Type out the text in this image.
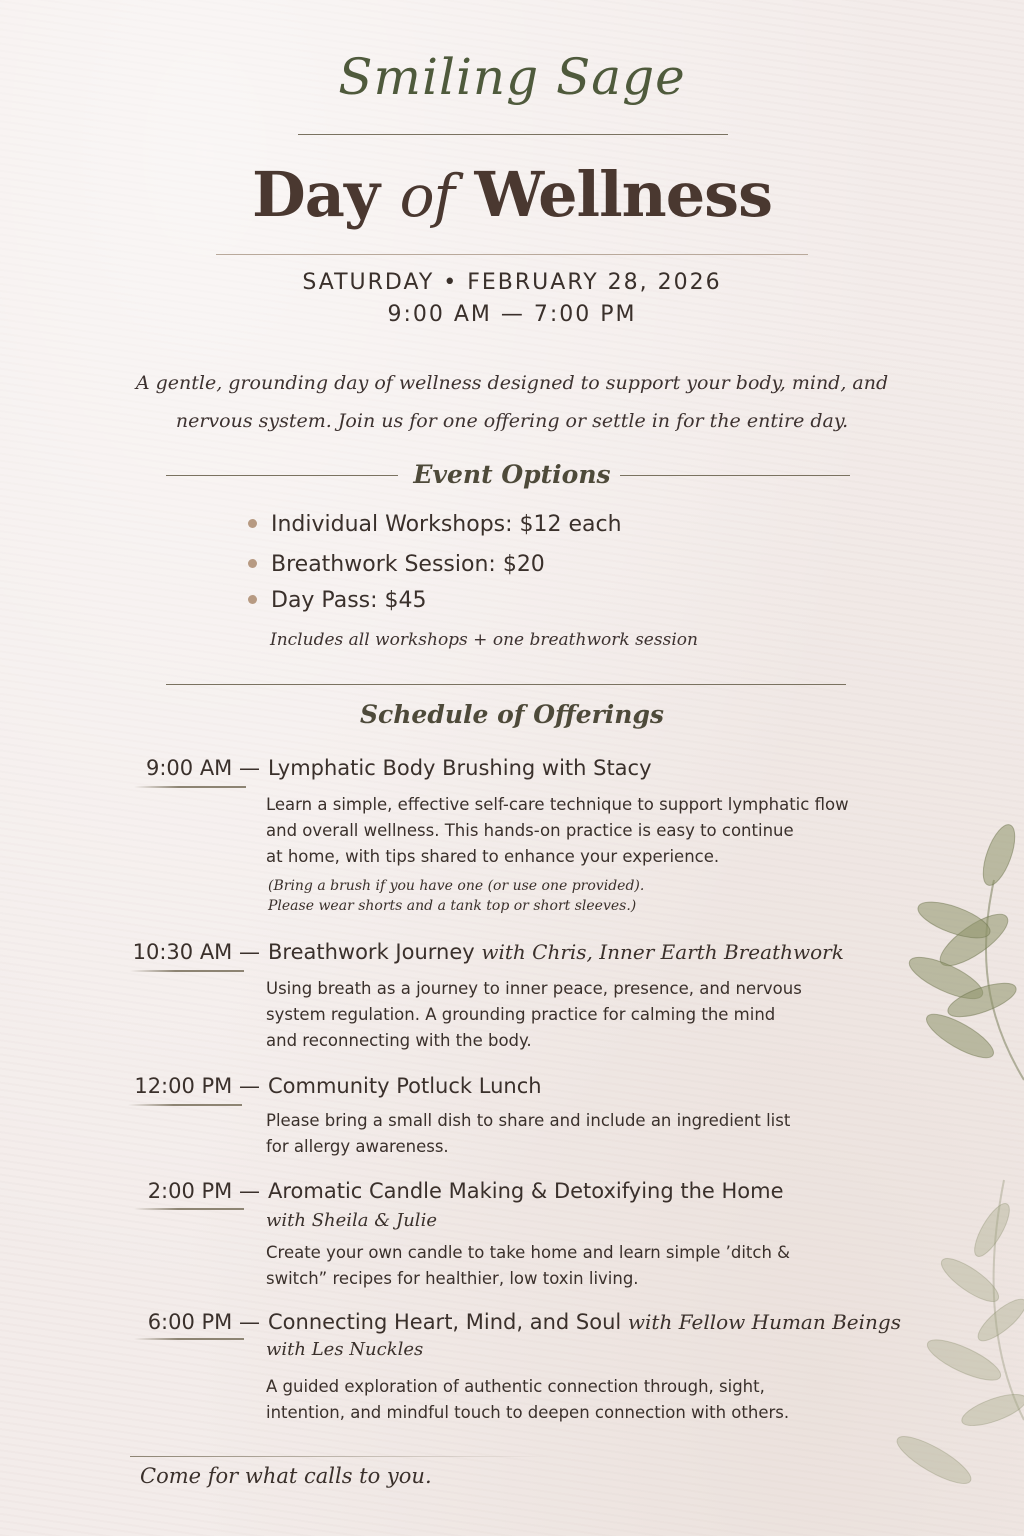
Smiling Sage
Day of Wellness
SATURDAY • FEBRUARY 28, 2026
9:00 AM — 7:00 PM
A gentle, grounding day of wellness designed to support your body, mind, and nervous system. Join us for one offering or settle in for the entire day.
Event Options
Individual Workshops: $12 each
Breathwork Session: $20
Day Pass: $45
Includes all workshops + one breathwork session
Schedule of Offerings
9:00 AM — Lymphatic Body Brushing with Stacy
Learn a simple, effective self-care technique to support lymphatic flow
and overall wellness. This hands-on practice is easy to continue
at home, with tips shared to enhance your experience.
(Bring a brush if you have one (or use one provided).
Please wear shorts and a tank top or short sleeves.)
10:30 AM — Breathwork Journey with Chris, Inner Earth Breathwork
Using breath as a journey to inner peace, presence, and nervous
system regulation. A grounding practice for calming the mind
and reconnecting with the body.
12:00 PM — Community Potluck Lunch
Please bring a small dish to share and include an ingredient list
for allergy awareness.
2:00 PM — Aromatic Candle Making & Detoxifying the Home
with Sheila & Julie
Create your own candle to take home and learn simple ’ditch &
switch” recipes for healthier, low toxin living.
6:00 PM — Connecting Heart, Mind, and Soul with Fellow Human Beings
with Les Nuckles
A guided exploration of authentic connection through, sight,
intention, and mindful touch to deepen connection with others.
Come for what calls to you.
